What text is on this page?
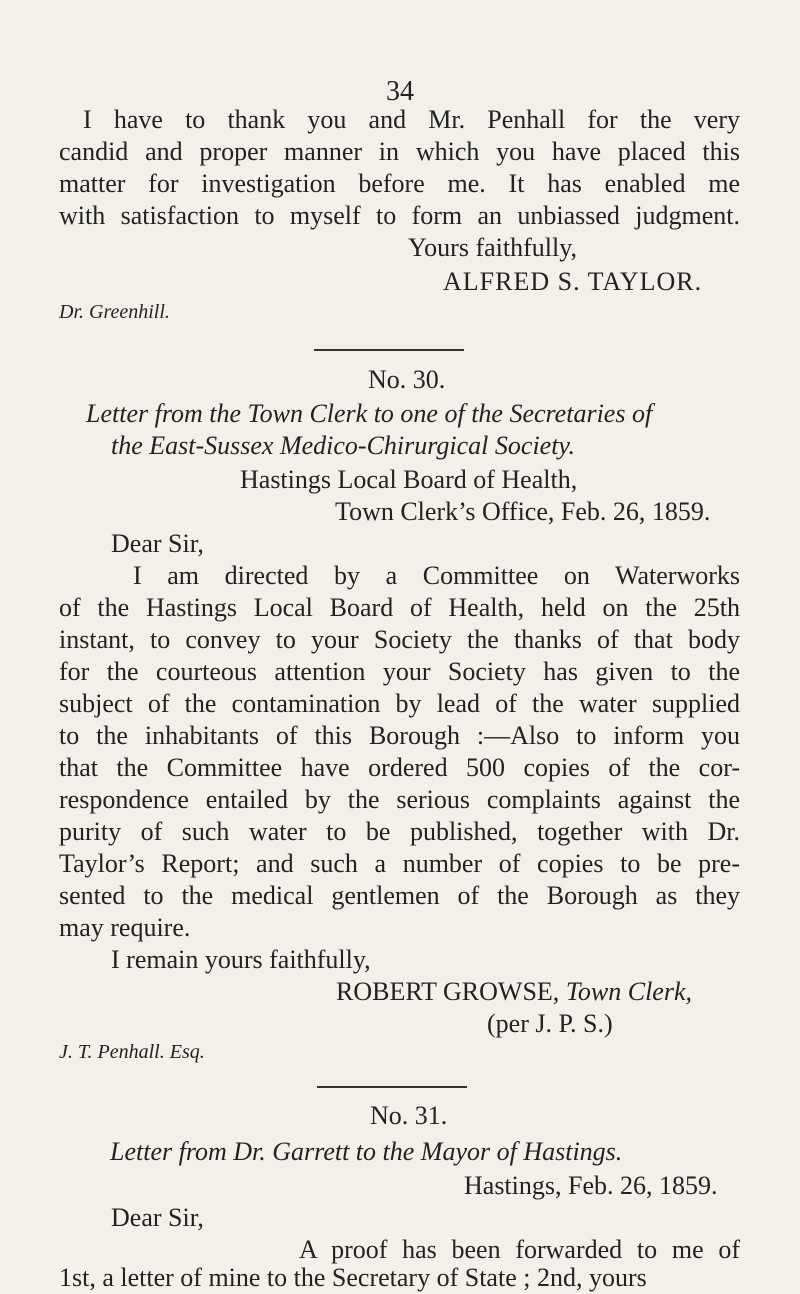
34
I have to thank you and Mr. Penhall for the very
candid and proper manner in which you have placed this
matter for investigation before me. It has enabled me
with satisfaction to myself to form an unbiassed judgment.
Yours faithfully,
ALFRED S. TAYLOR.
Dr. Greenhill.
No. 30.
Letter from the Town Clerk to one of the Secretaries of
the East-Sussex Medico-Chirurgical Society.
Hastings Local Board of Health,
Town Clerk’s Office, Feb. 26, 1859.
Dear Sir,
I am directed by a Committee on Waterworks
of the Hastings Local Board of Health, held on the 25th
instant, to convey to your Society the thanks of that body
for the courteous attention your Society has given to the
subject of the contamination by lead of the water supplied
to the inhabitants of this Borough :—Also to inform you
that the Committee have ordered 500 copies of the cor-
respondence entailed by the serious complaints against the
purity of such water to be published, together with Dr.
Taylor’s Report; and such a number of copies to be pre-
sented to the medical gentlemen of the Borough as they
may require.
I remain yours faithfully,
ROBERT GROWSE, Town Clerk,
(per J. P. S.)
J. T. Penhall. Esq.
No. 31.
Letter from Dr. Garrett to the Mayor of Hastings.
Hastings, Feb. 26, 1859.
Dear Sir,
A proof has been forwarded to me of
1st, a letter of mine to the Secretary of State ; 2nd, yours
